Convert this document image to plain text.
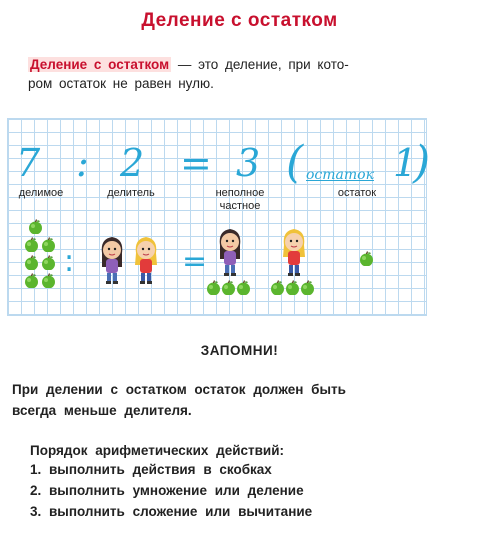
Деление с остатком
Деление с остатком — это деление, при кото-
ром остаток не равен нулю.
7 : 2 = 3 ( остаток 1
)
делимое	делитель	неполное
частное
остаток
:	=
ЗАПОМНИ!
При делении с остатком остаток должен быть
всегда меньше делителя.
Порядок арифметических действий:
1. выполнить действия в скобках
2. выполнить умножение или деление
3. выполнить сложение или вычитание
